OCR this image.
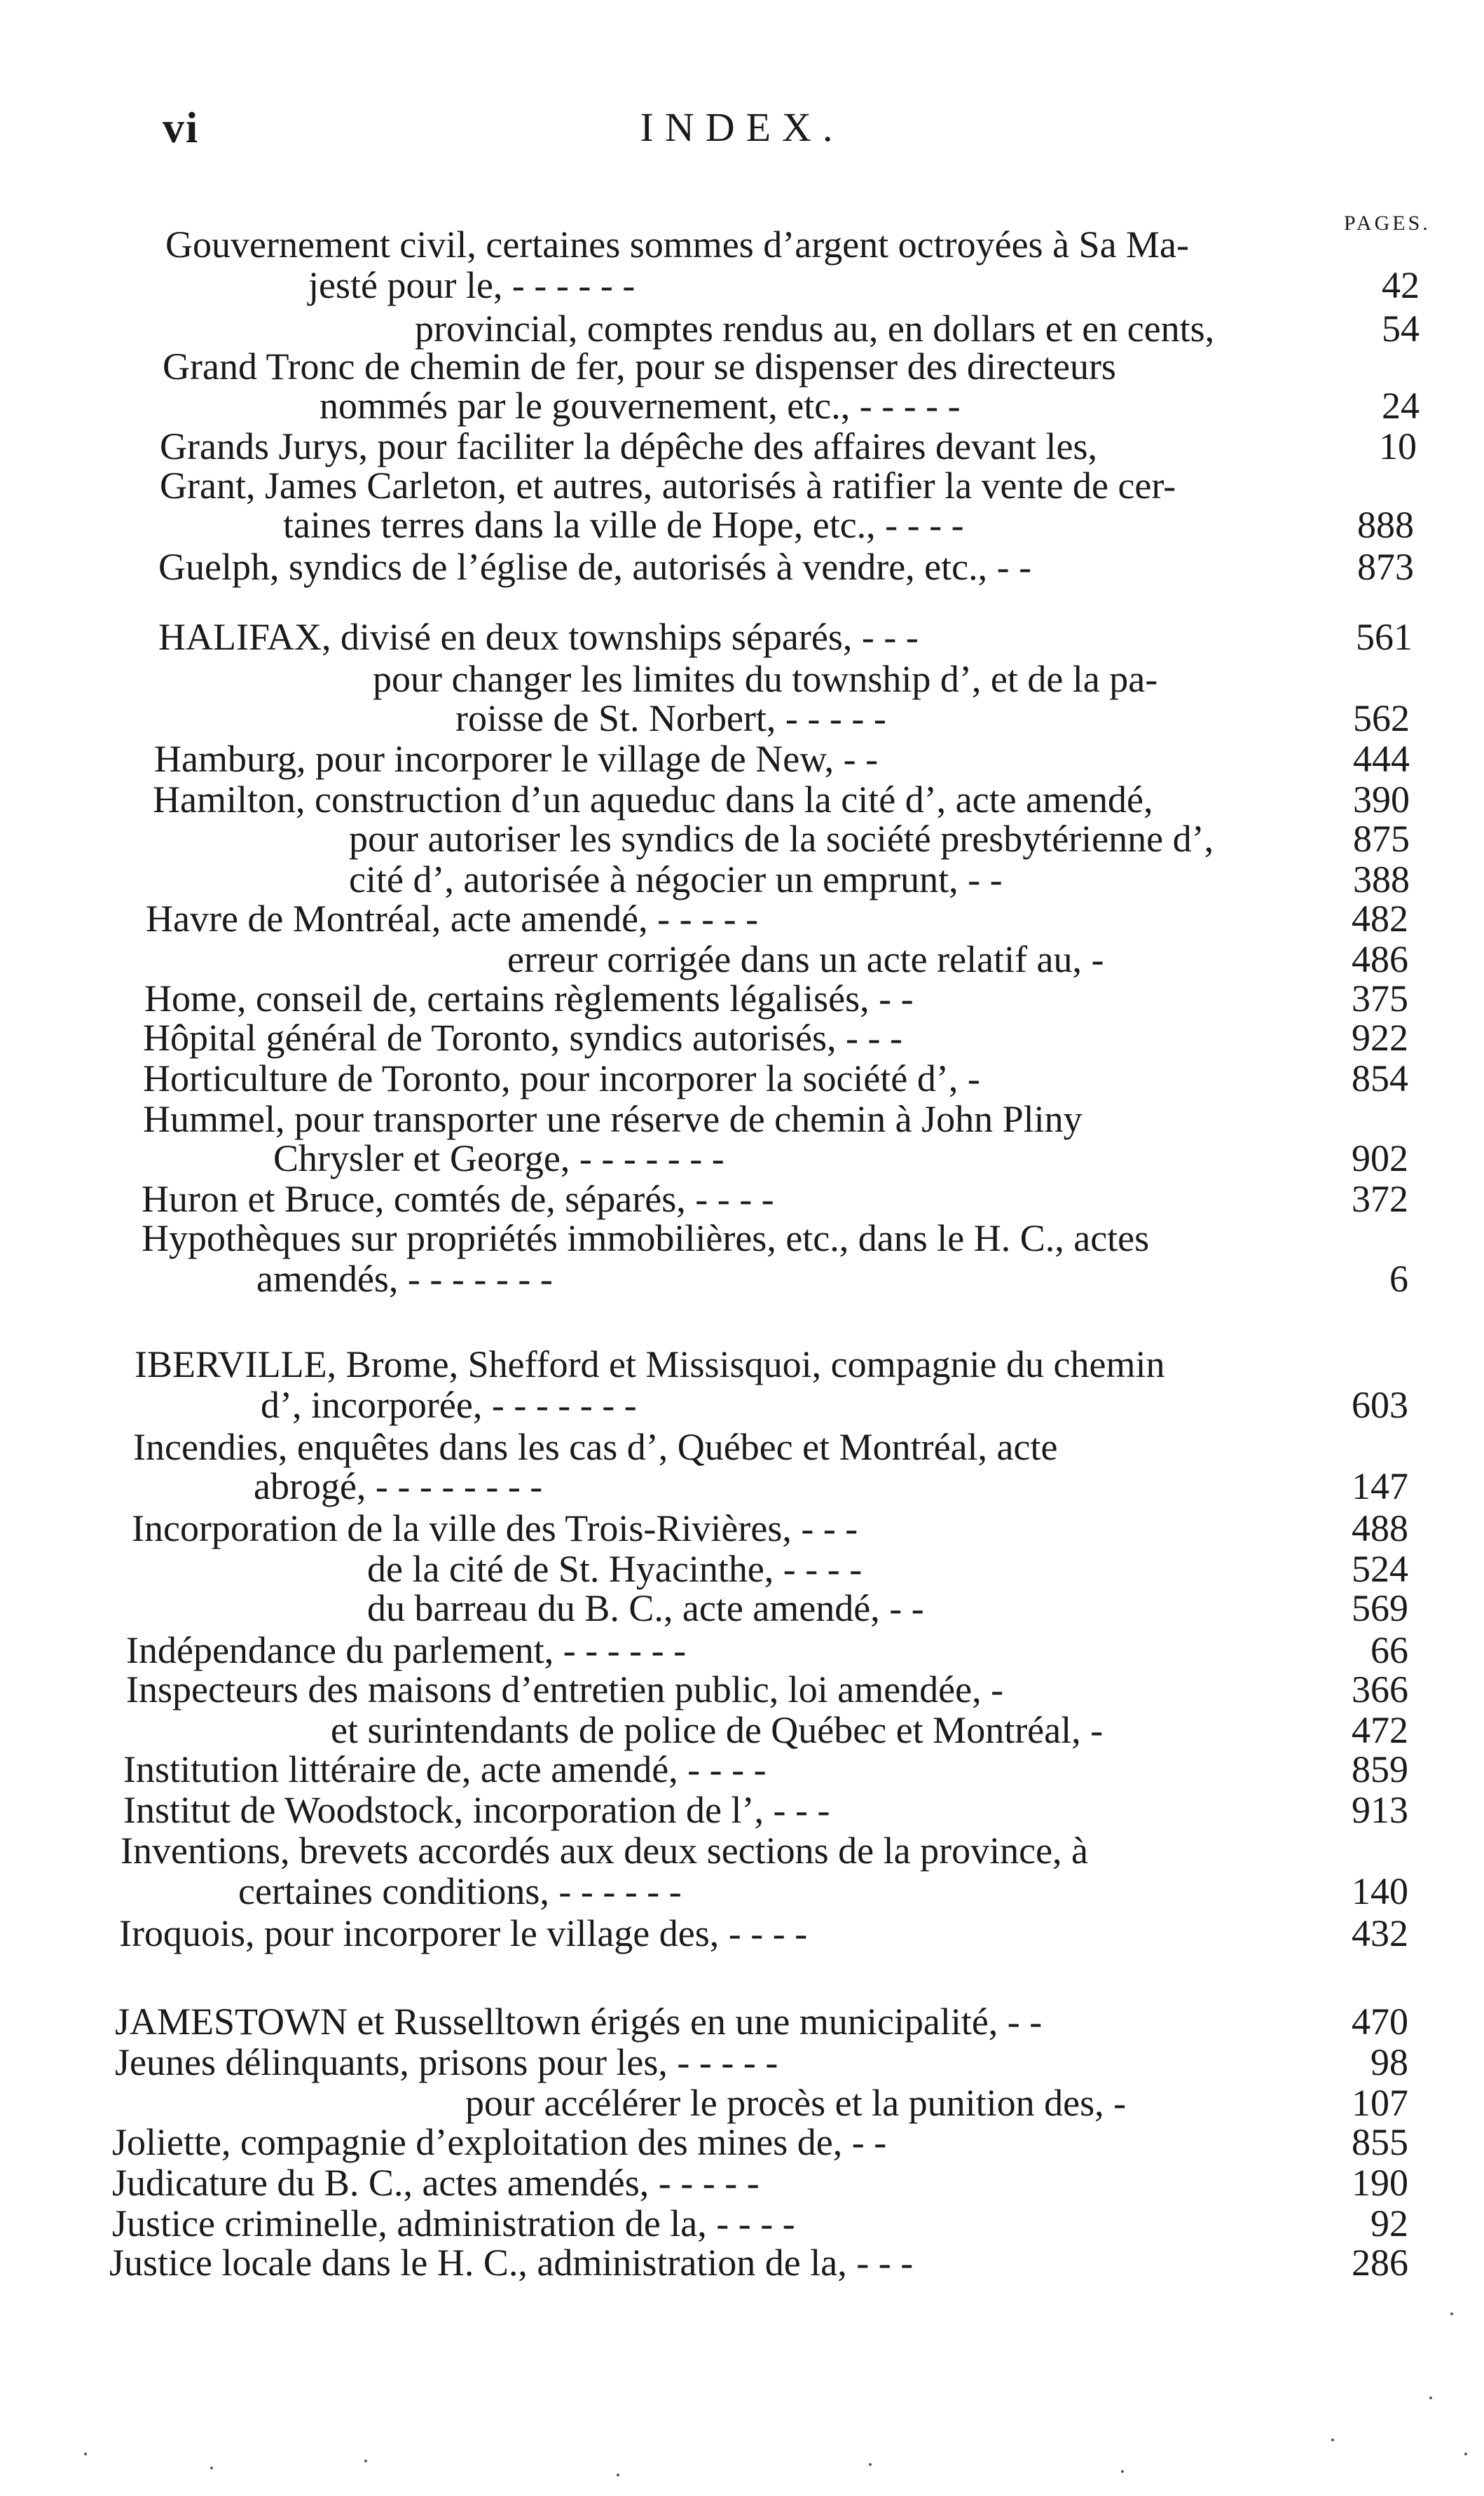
vi	INDEX.
PAGES.
Gouvernement civil, certaines sommes d’argent octroyées à Sa Ma-
jesté pour le, - - - - - -	42
provincial, comptes rendus au, en dollars et en cents,	54
Grand Tronc de chemin de fer, pour se dispenser des directeurs
nommés par le gouvernement, etc., - - - - -	24
Grands Jurys, pour faciliter la dépêche des affaires devant les,	10
Grant, James Carleton, et autres, autorisés à ratifier la vente de cer-
taines terres dans la ville de Hope, etc., - - - -	888
Guelph, syndics de l’église de, autorisés à vendre, etc., - -	873
HALIFAX, divisé en deux townships séparés, - - -	561
pour changer les limites du township d’, et de la pa-
roisse de St. Norbert, - - - - -	562
Hamburg, pour incorporer le village de New, - -	444
Hamilton, construction d’un aqueduc dans la cité d’, acte amendé,	390
pour autoriser les syndics de la société presbytérienne d’,	875
cité d’, autorisée à négocier un emprunt, - -	388
Havre de Montréal, acte amendé, - - - - -	482
erreur corrigée dans un acte relatif au, -	486
Home, conseil de, certains règlements légalisés, - -	375
Hôpital général de Toronto, syndics autorisés, - - -	922
Horticulture de Toronto, pour incorporer la société d’, -	854
Hummel, pour transporter une réserve de chemin à John Pliny
Chrysler et George, - - - - - - -	902
Huron et Bruce, comtés de, séparés, - - - -	372
Hypothèques sur propriétés immobilières, etc., dans le H. C., actes
amendés, - - - - - - -	6
IBERVILLE, Brome, Shefford et Missisquoi, compagnie du chemin
d’, incorporée, - - - - - - -	603
Incendies, enquêtes dans les cas d’, Québec et Montréal, acte
abrogé, - - - - - - - -	147
Incorporation de la ville des Trois-Rivières, - - -	488
de la cité de St. Hyacinthe, - - - -	524
du barreau du B. C., acte amendé, - -	569
Indépendance du parlement, - - - - - -	66
Inspecteurs des maisons d’entretien public, loi amendée, -	366
et surintendants de police de Québec et Montréal, -	472
Institution littéraire de, acte amendé, - - - -	859
Institut de Woodstock, incorporation de l’, - - -	913
Inventions, brevets accordés aux deux sections de la province, à
certaines conditions, - - - - - -	140
Iroquois, pour incorporer le village des, - - - -	432
JAMESTOWN et Russelltown érigés en une municipalité, - -	470
Jeunes délinquants, prisons pour les, - - - - -	98
pour accélérer le procès et la punition des, -	107
Joliette, compagnie d’exploitation des mines de, - -	855
Judicature du B. C., actes amendés, - - - - -	190
Justice criminelle, administration de la, - - - -	92
Justice locale dans le H. C., administration de la, - - -	286
